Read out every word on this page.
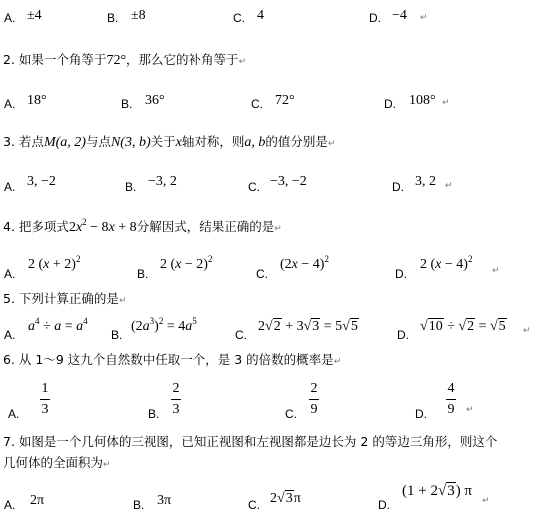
A. ±4	B. ±8	C. 4	D. −4 ↵
2. 如果一个角等于72°，那么它的补角等于↵
A. 18°	B. 36°	C. 72°	D. 108° ↵
3. 若点M(a, 2)与点N(3, b)关于x轴对称，则a, b的值分别是↵
A. 3, −2	B. −3, 2	C. −3, −2	D. 3, 2 ↵
4. 把多项式$2x^2 - 8x + 8$分解因式，结果正确的是↵
A.
2 $(x + 2)^2$
B.
2 $(x - 2)^2$
C.
$(2x - 4)^2$
D.
2 $(x - 4)^2$
↵
5. 下列计算正确的是↵
A.
$a^4 \div a = a^4$
B.
$(2a^3)^2 = 4a^5$
C.
2√2 + 3√3 = 5√5
D.
√10 ÷ √2 = √5 ↵
6. 从 1～9 这九个自然数中任取一个，是 3 的倍数的概率是↵
A.
1
3	B.
2
3	C.
2
9	D.
4
9 ↵
7. 如图是一个几何体的三视图，已知正视图和左视图都是边长为 2 的等边三角形，则这个
几何体的全面积为↵
A. 2π	B. 3π	C. 2√3π	D.
(1 + 2√3) π
↵
